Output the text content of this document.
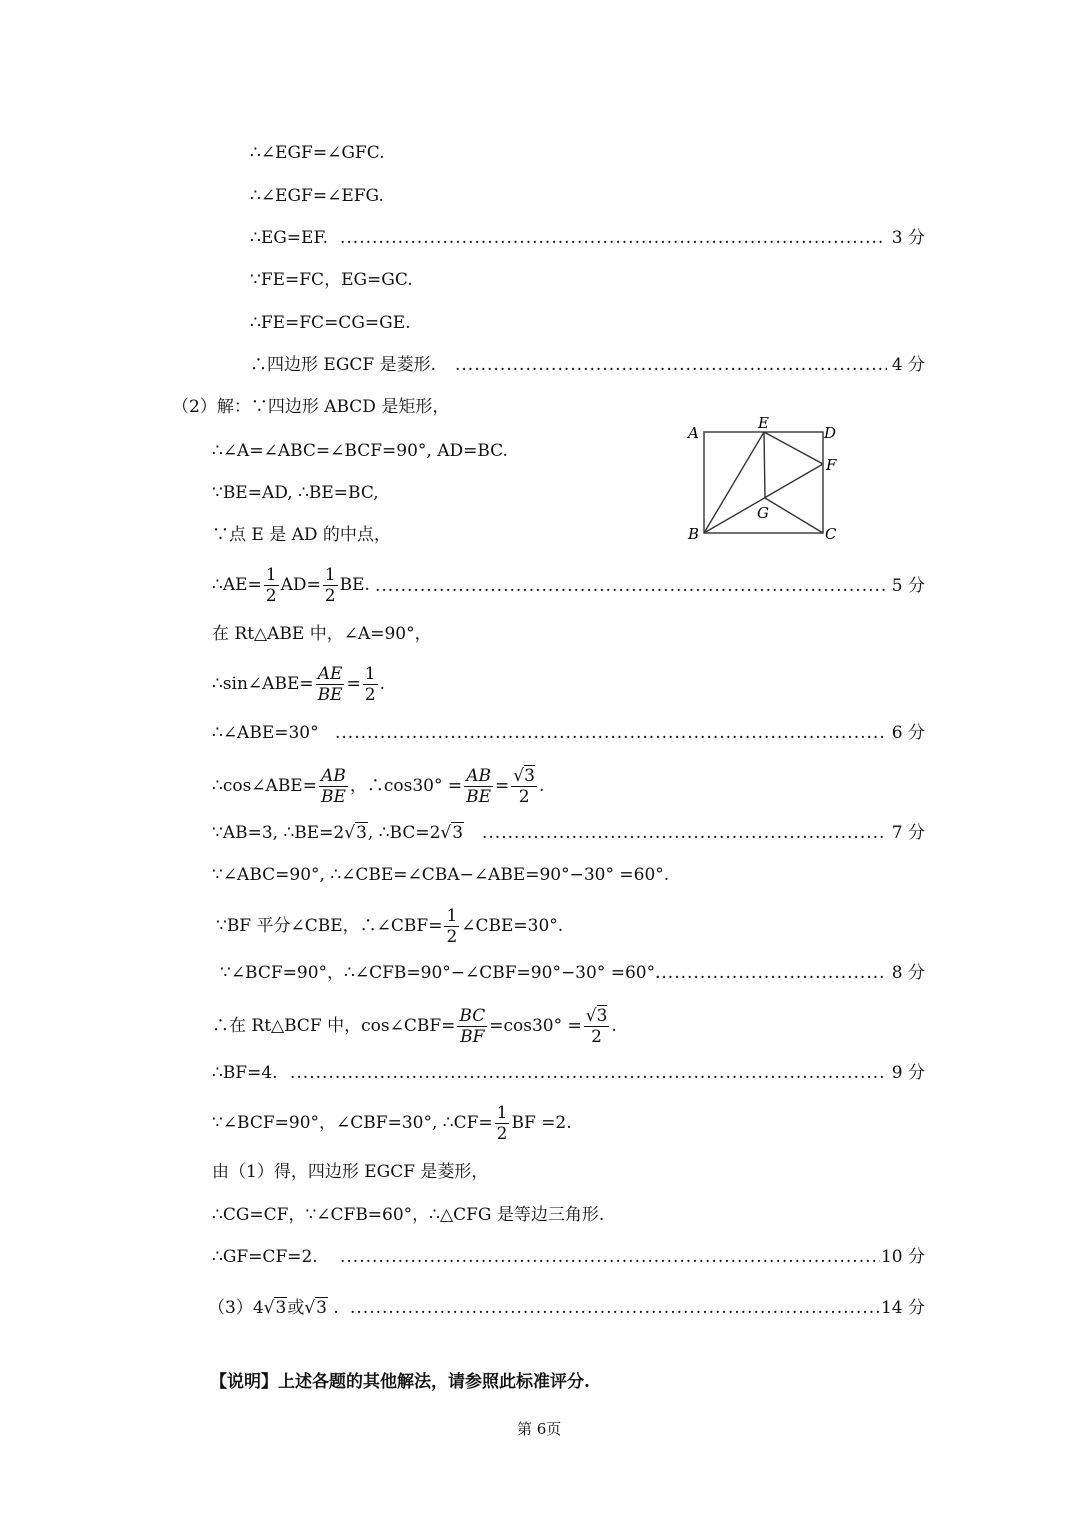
∴∠EGF=∠GFC.
∴∠EGF=∠EFG.
∴EG=EF. .....	3 分
∵FE=FC，EG=GC.
∴FE=FC=CG=GE.
∴四边形 EGCF 是菱形. .....	4 分
（2）解：∵四边形 ABCD 是矩形，
∴∠A=∠ABC=∠BCF=90°, AD=BC.
∵BE=AD, ∴BE=BC,
∵点 E 是 AD 的中点，
A
E
D
F
G
B	C
∴AE= $\frac{1}{2} AD= \frac{1}{2}$ BE. .....	5 分
在 Rt△ABE 中，∠A=90°，
∴sin∠ABE= $\frac{AE}{BE} = \frac{1}{2}$ .
∴∠ABE=30° .....	6 分
∴cos∠ABE= $\frac{AB}{BE}$ ，∴cos30° = $\frac{AB}{BE} = \frac{√3}{2}$ .
∵AB=3, ∴BE=2√3, ∴BC=2√3 .....	7 分
∵∠ABC=90°, ∴∠CBE=∠CBA−∠ABE=90°−30° =60°.
∵BF 平分∠CBE，∴∠CBF= $\frac{1}{2}$ ∠CBE=30°.
∵∠BCF=90°，∴∠CFB=90°−∠CBF=90°−30° =60°. .....	8 分
∴在 Rt△BCF 中，cos∠CBF= $\frac{BC}{BF} =\cos 30^\circ = \frac{√3}{2}$ .
∴BF=4. .....	9 分
∵∠BCF=90°，∠CBF=30°, ∴CF= $\frac{1}{2}$ BF =2.
由（1）得，四边形 EGCF 是菱形，
∴CG=CF，∵∠CFB=60°，∴△CFG 是等边三角形.
∴GF=CF=2. .....	10 分
（3）4√3或√3 . .....	14 分
【说明】上述各题的其他解法，请参照此标准评分.
第 6页
